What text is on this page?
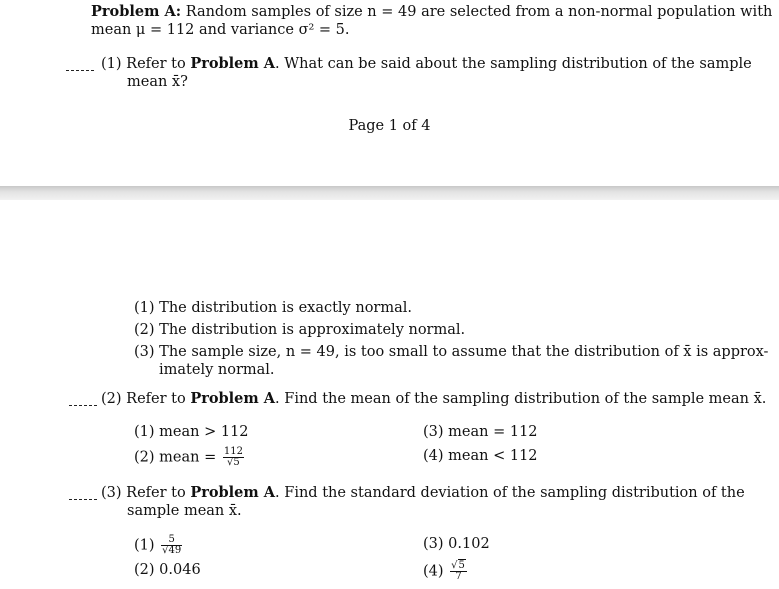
Problem A: Random samples of size n = 49 are selected from a non-normal population with
mean μ = 112 and variance σ² = 5.
(1) Refer to Problem A. What can be said about the sampling distribution of the sample
mean x̄?
Page 1 of 4
(1) The distribution is exactly normal.
(2) The distribution is approximately normal.
(3) The sample size, n = 49, is too small to assume that the distribution of x̄ is approx-
imately normal.
(2) Refer to Problem A. Find the mean of the sampling distribution of the sample mean x̄.
(1) mean > 112
(2) mean = $\frac{112}{√5}$
(3) mean = 112
(4) mean < 112
(3) Refer to Problem A. Find the standard deviation of the sampling distribution of the
sample mean x̄.
$(1) \frac{5}{√49}$
(2) 0.046
(3) 0.102
$(4) \frac{√5}{7}$
